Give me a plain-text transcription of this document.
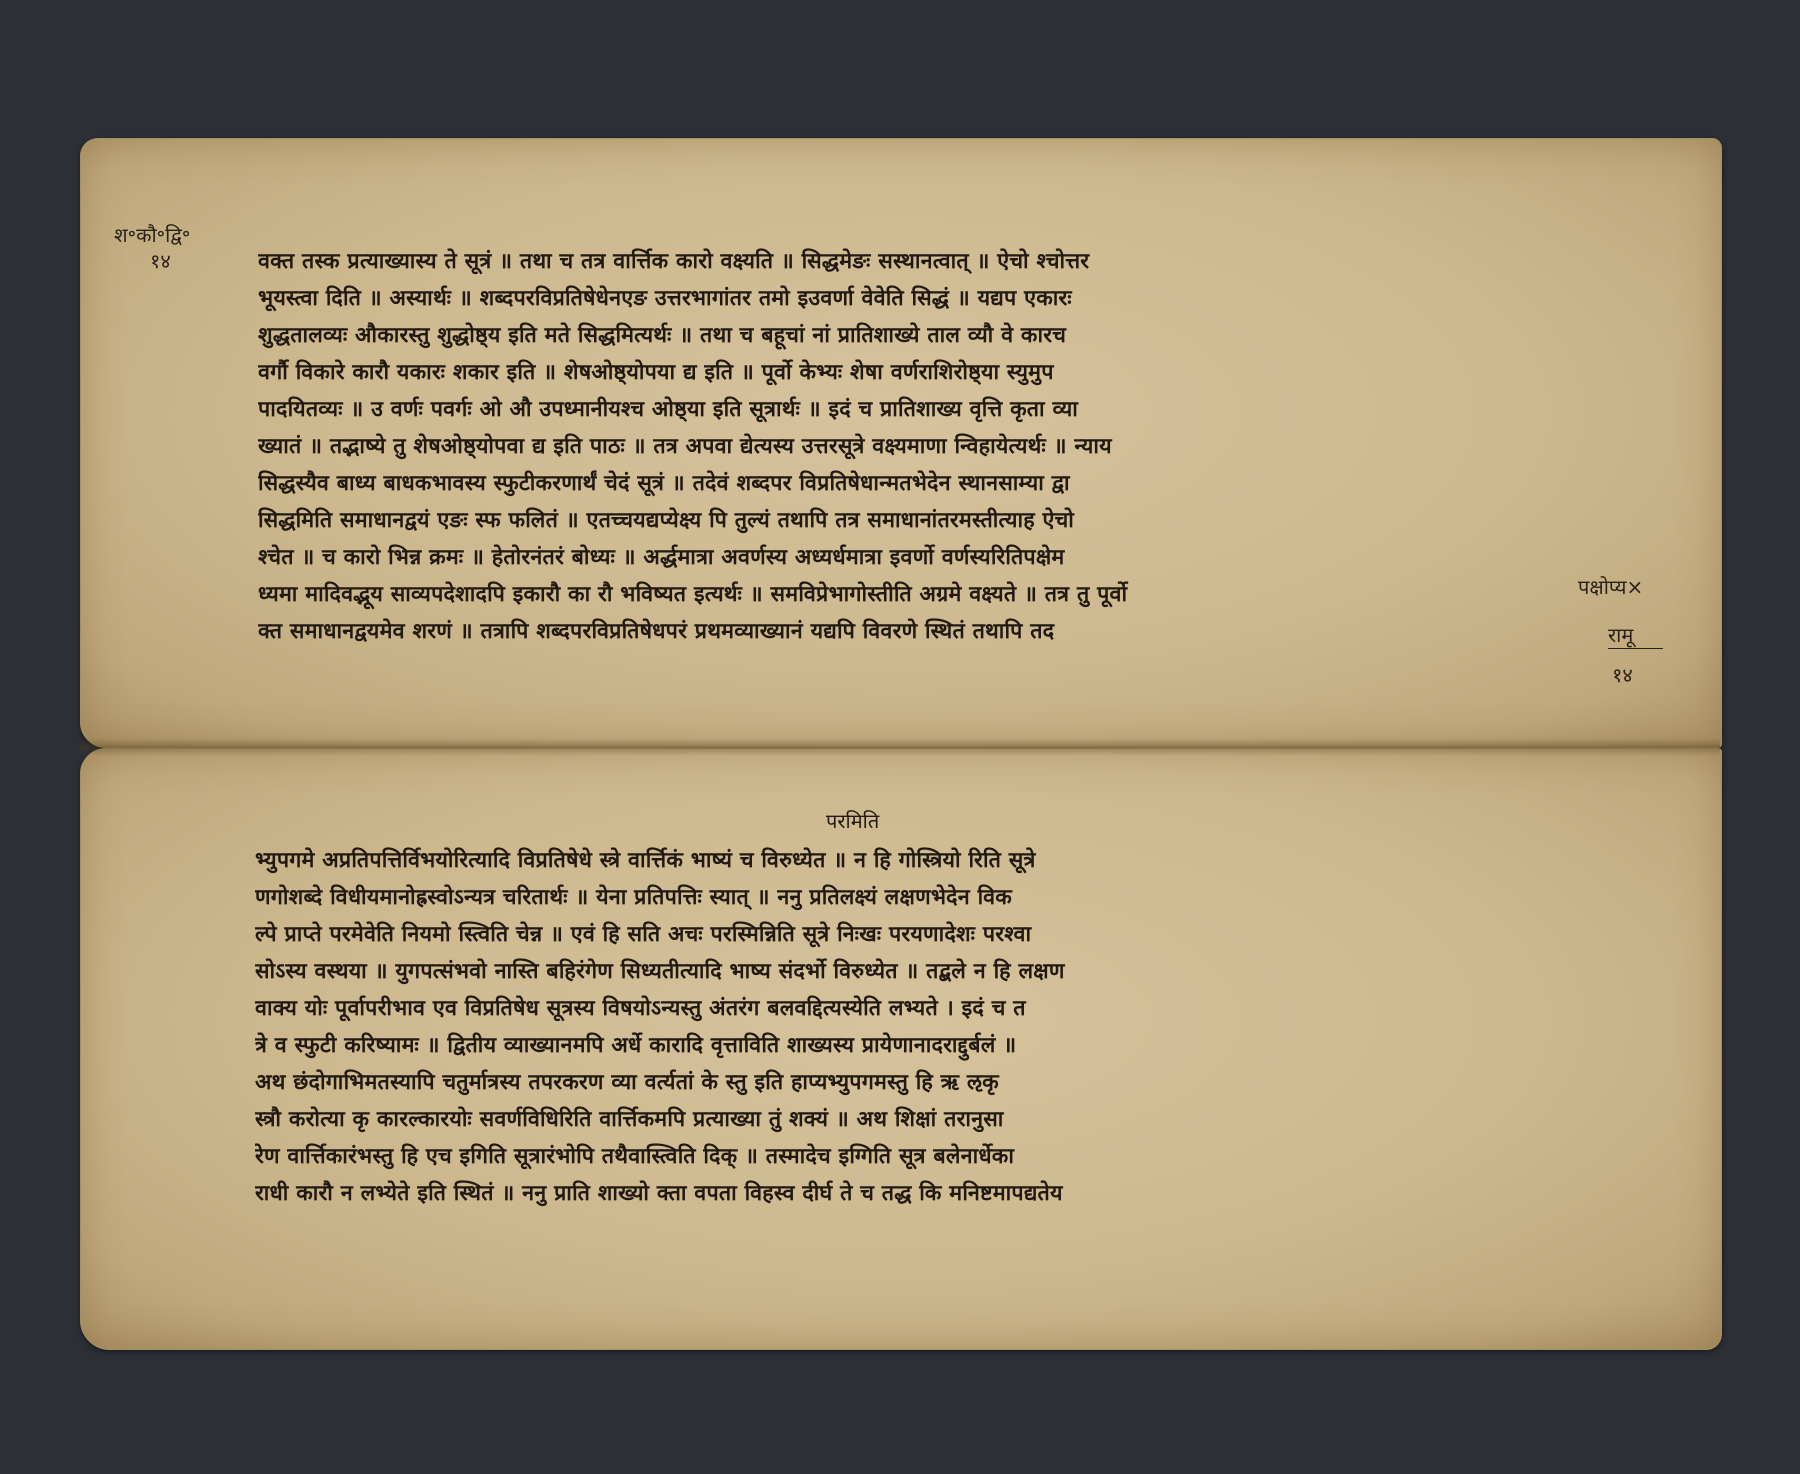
श॰कौ॰द्वि॰
१४
पक्षोप्य×
रामू
१४
वक्त तस्क प्रत्याख्यास्य ते सूत्रं ॥ तथा च तत्र वार्त्तिक कारो वक्ष्यति ॥ सिद्धमेङः सस्थानत्वात् ॥ ऐचो श्चोत्तर
भूयस्त्वा दिति ॥ अस्यार्थः ॥ शब्दपरविप्रतिषेधेनएङ उत्तरभागांतर तमो इउवर्णा वेवेति सिद्धं ॥ यद्यप एकारः
शुद्धतालव्यः औकारस्तु शुद्धोष्ठ्य इति मते सिद्धमित्यर्थः ॥ तथा च बहूचां नां प्रातिशाख्ये ताल व्यौ वे कारच
वर्गौ विकारे कारौ यकारः शकार इति ॥ शेषओष्ठ्योपया द्य इति ॥ पूर्वो केभ्यः शेषा वर्णराशिरोष्ठ्या स्युमुप
पादयितव्यः ॥ उ वर्णः पवर्गः ओ औ उपध्मानीयश्च ओष्ठ्या इति सूत्रार्थः ॥ इदं च प्रातिशाख्य वृत्ति कृता व्या
ख्यातं ॥ तद्भाष्ये तु शेषओष्ठ्योपवा द्य इति पाठः ॥ तत्र अपवा द्येत्यस्य उत्तरसूत्रे वक्ष्यमाणा न्विहायेत्यर्थः ॥ न्याय
सिद्धस्यैव बाध्य बाधकभावस्य स्फुटीकरणार्थं चेदं सूत्रं ॥ तदेवं शब्दपर विप्रतिषेधान्मतभेदेन स्थानसाम्या द्वा
सिद्धमिति समाधानद्वयं एङः स्फ फलितं ॥ एतच्चयद्यप्येक्ष्य पि तुल्यं तथापि तत्र समाधानांतरमस्तीत्याह ऐचो
श्चेत ॥ च कारो भिन्न क्रमः ॥ हेतोरनंतरं बोध्यः ॥ अर्द्धमात्रा अवर्णस्य अध्यर्धमात्रा इवर्णो वर्णस्यरितिपक्षेम
ध्यमा मादिवद्भूय साव्यपदेशादपि इकारौ का रौ भविष्यत इत्यर्थः ॥ समविप्रेभागोस्तीति अग्रमे वक्ष्यते ॥ तत्र तु पूर्वो
क्त समाधानद्वयमेव शरणं ॥ तत्रापि शब्दपरविप्रतिषेधपरं प्रथमव्याख्यानं यद्यपि विवरणे स्थितं तथापि तद
परमिति
भ्युपगमे अप्रतिपत्तिर्विभयोरित्यादि विप्रतिषेधे स्त्रे वार्त्तिकं भाष्यं च विरुध्येत ॥ न हि गोस्त्रियो रिति सूत्रे
णगोशब्दे विधीयमानोह्रस्वोऽन्यत्र चरितार्थः ॥ येना प्रतिपत्तिः स्यात् ॥ ननु प्रतिलक्ष्यं लक्षणभेदेन विक
ल्पे प्राप्ते परमेवेति नियमो स्त्विति चेन्न ॥ एवं हि सति अचः परस्मिन्निति सूत्रे निःखः परयणादेशः परश्वा
सोऽस्य वस्थया ॥ युगपत्संभवो नास्ति बहिरंगेण सिध्यतीत्यादि भाष्य संदर्भो विरुध्येत ॥ तद्बले न हि लक्षण
वाक्य योः पूर्वापरीभाव एव विप्रतिषेध सूत्रस्य विषयोऽन्यस्तु अंतरंग बलवद्दित्यस्येति लभ्यते । इदं च त
त्रे व स्फुटी करिष्यामः ॥ द्वितीय व्याख्यानमपि अर्धे कारादि वृत्ताविति शाख्यस्य प्रायेणानादराद्दुर्बलं ॥
अथ छंदोगाभिमतस्यापि चतुर्मात्रस्य तपरकरण व्या वर्त्यतां के स्तु इति हाप्यभ्युपगमस्तु हि ऋ ऌकृ
स्त्रौ करोत्या कृ कारल्कारयोः सवर्णविधिरिति वार्त्तिकमपि प्रत्याख्या तुं शक्यं ॥ अथ शिक्षां तरानुसा
रेण वार्त्तिकारंभस्तु हि एच इगिति सूत्रारंभोपि तथैवास्त्विति दिक् ॥ तस्मादेच इग्गिति सूत्र बलेनार्धेका
राधी कारौ न लभ्येते इति स्थितं ॥ ननु प्राति शाख्यो क्ता वपता विहस्व दीर्घ ते च तद्ध कि मनिष्टमापद्यतेय
